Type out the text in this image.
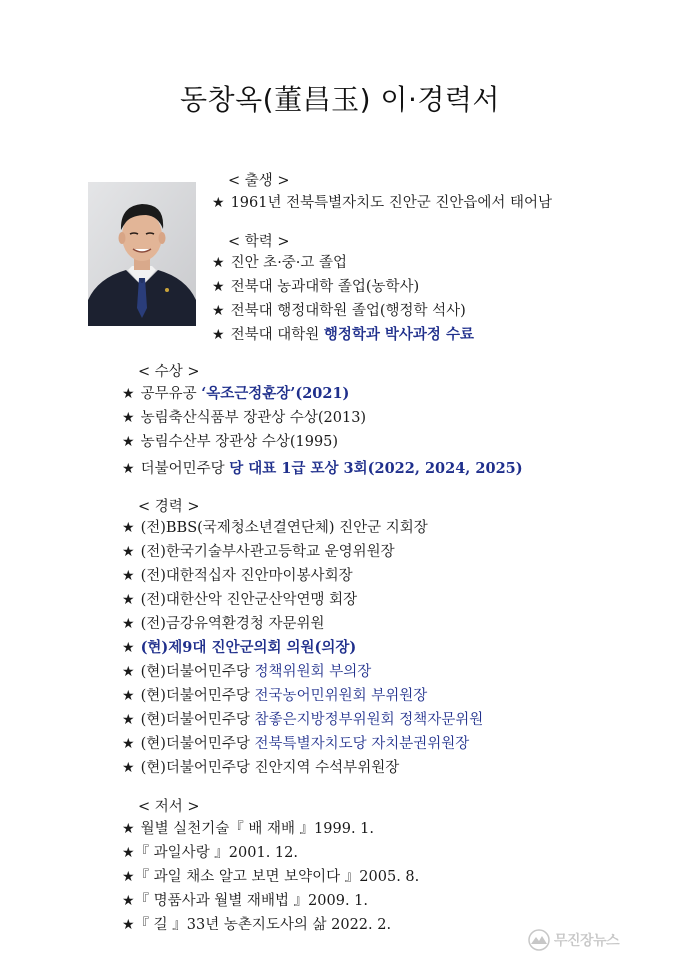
동창옥(董昌玉) 이·경력서
< 출생 >
★ 1961년 전북특별자치도 진안군 진안읍에서 태어남
< 학력 >
★ 진안 초·중·고 졸업
★ 전북대 농과대학 졸업(농학사)
★ 전북대 행정대학원 졸업(행정학 석사)
★ 전북대 대학원 행정학과 박사과정 수료
< 수상 >
★ 공무유공 ‘옥조근정훈장’(2021)
★ 농림축산식품부 장관상 수상(2013)
★ 농림수산부 장관상 수상(1995)
★ 더불어민주당 당 대표 1급 포상 3회(2022, 2024, 2025)
< 경력 >
★ (전)BBS(국제청소년결연단체) 진안군 지회장
★ (전)한국기술부사관고등학교 운영위원장
★ (전)대한적십자 진안마이봉사회장
★ (전)대한산악 진안군산악연맹 회장
★ (전)금강유역환경청 자문위원
★ (현)제9대 진안군의회 의원(의장)
★ (현)더불어민주당 정책위원회 부의장
★ (현)더불어민주당 전국농어민위원회 부위원장
★ (현)더불어민주당 참좋은지방정부위원회 정책자문위원
★ (현)더불어민주당 전북특별자치도당 자치분권위원장
★ (현)더불어민주당 진안지역 수석부위원장
< 저서 >
★ 월별 실천기술『 배 재배 』1999. 1.
★『 과일사랑 』2001. 12.
★『 과일 채소 알고 보면 보약이다 』2005. 8.
★『 명품사과 월별 재배법 』2009. 1.
★『 길 』33년 농촌지도사의 삶 2022. 2.
무진장뉴스
